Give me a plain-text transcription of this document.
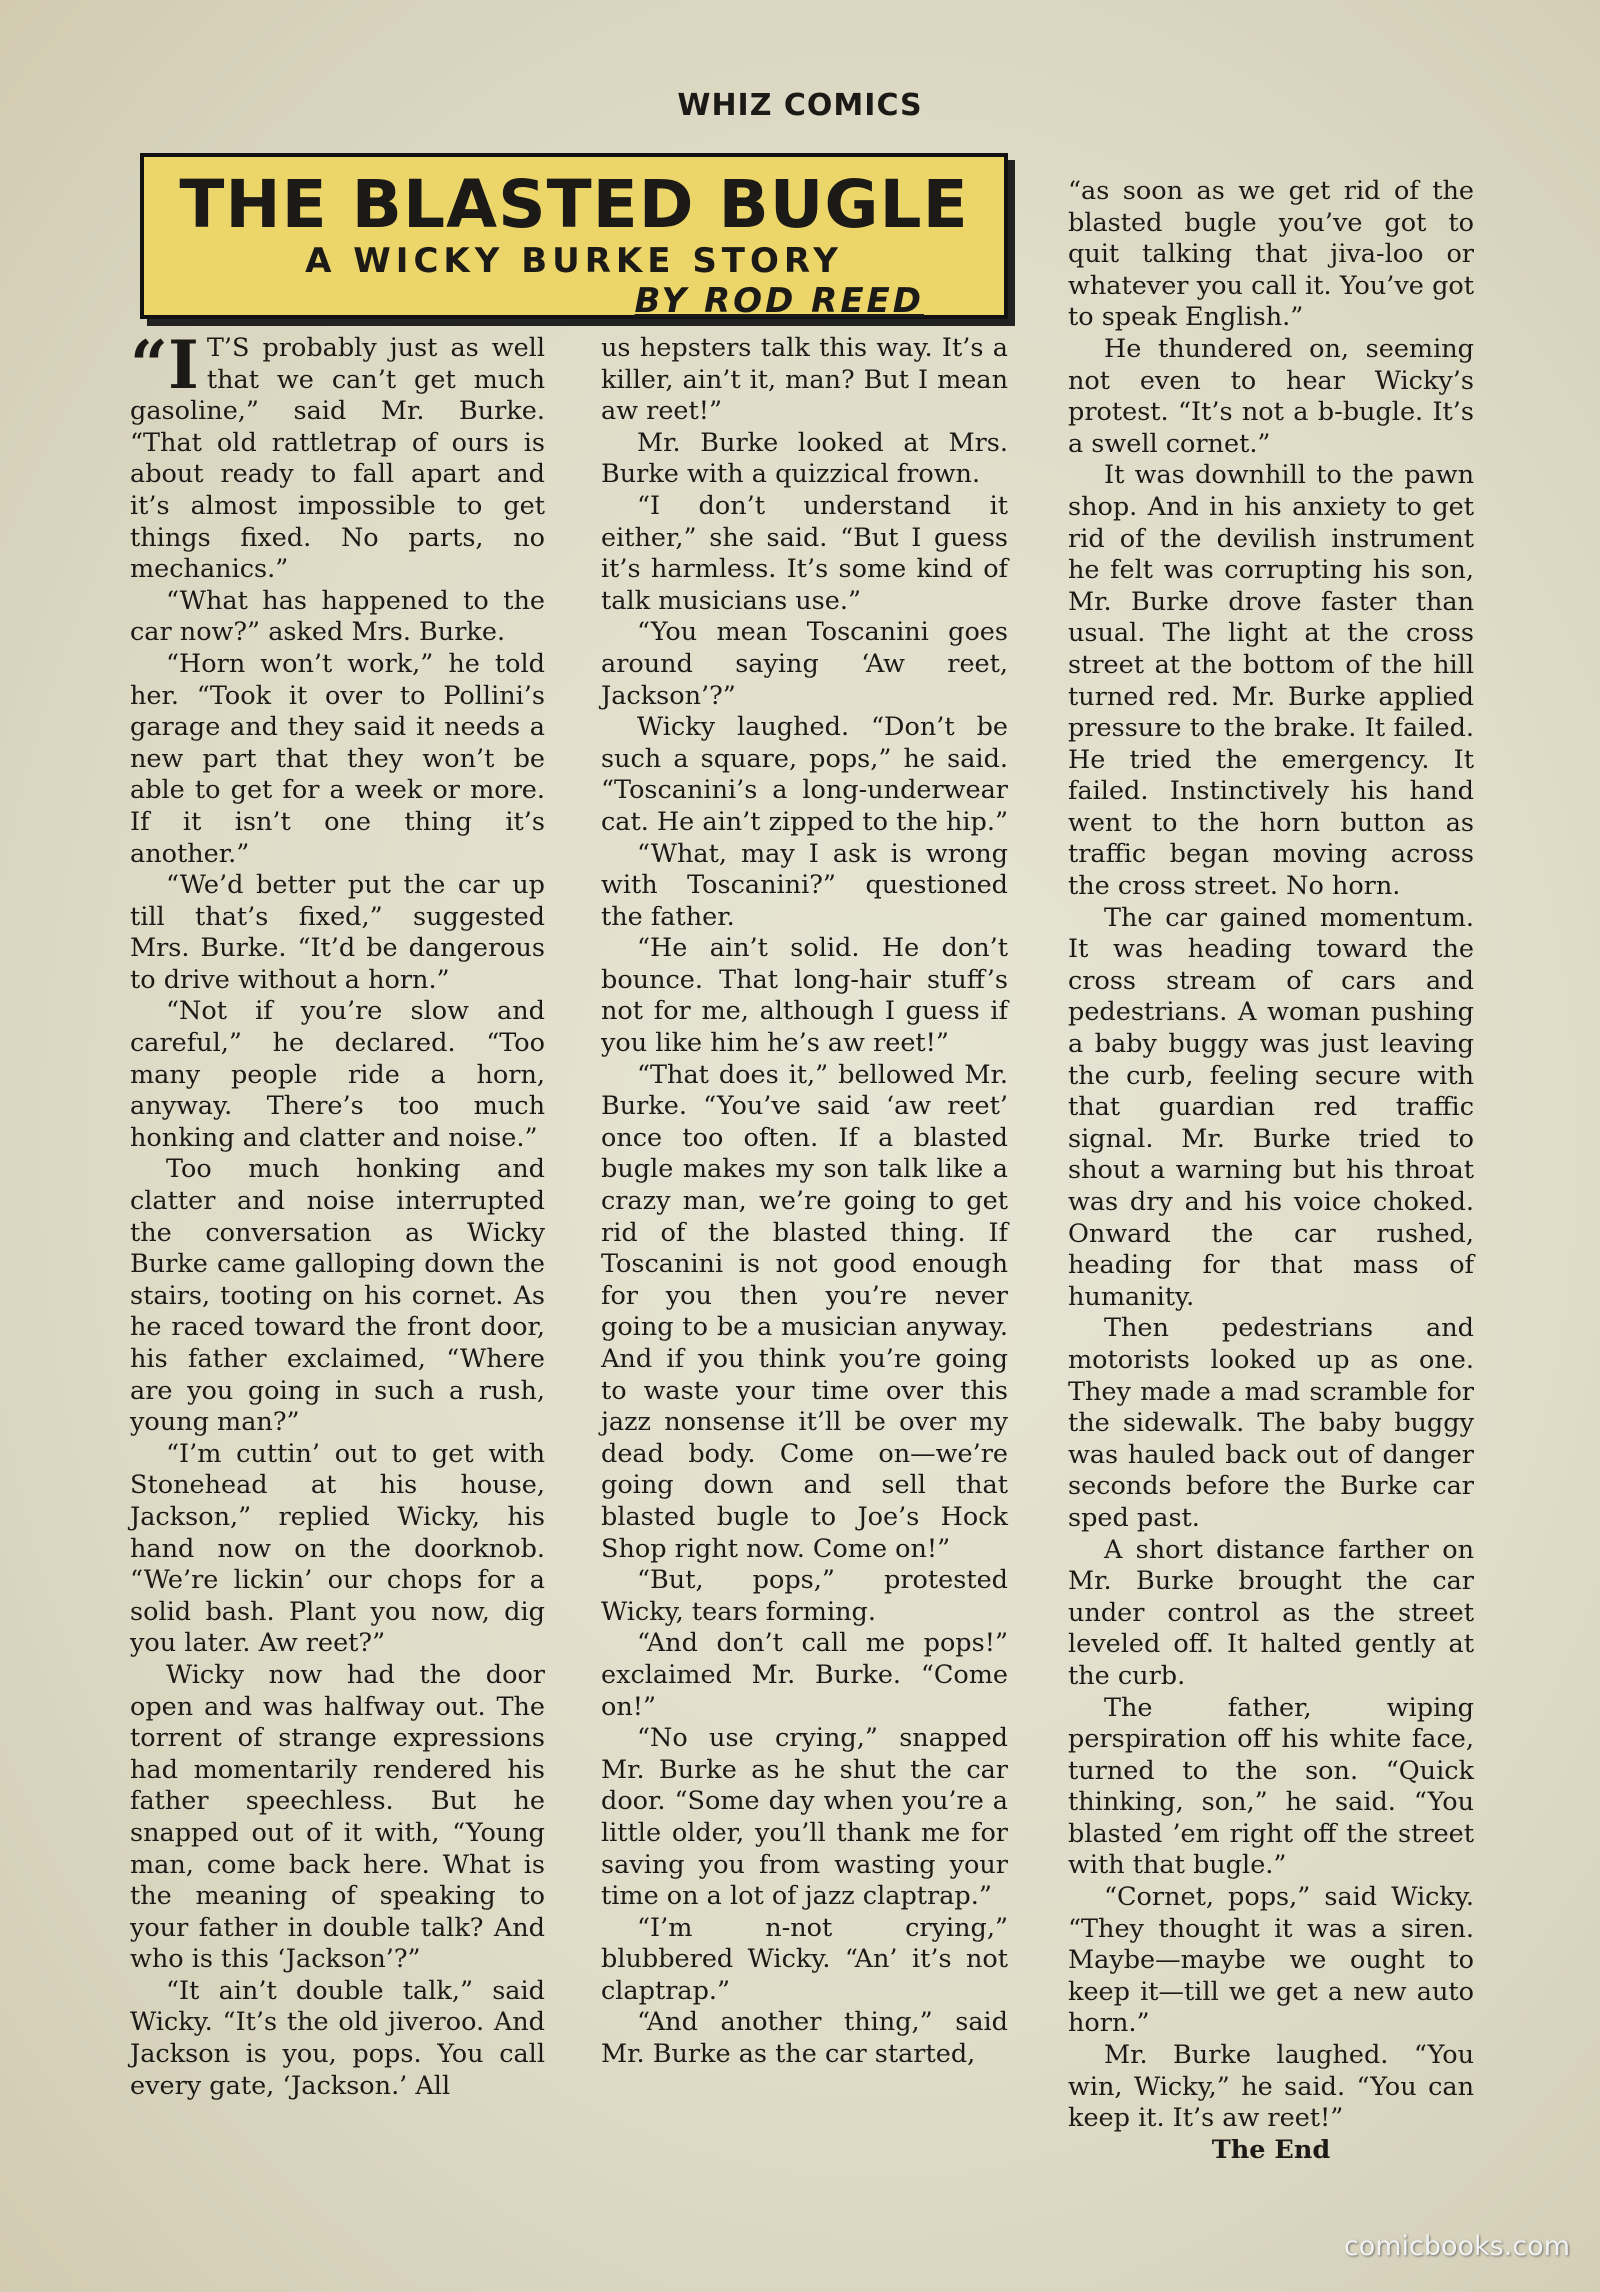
WHIZ COMICS
THE BLASTED BUGLE
A WICKY BURKE STORY
BY ROD REED

“I T’S probably just as well that we can’t get much gasoline,” said Mr. Burke. “That old rattletrap of ours is about ready to fall apart and it’s almost impossible to get things fixed. No parts, no mechanics.”

“What has happened to the car now?” asked Mrs. Burke.

“Horn won’t work,” he told her. “Took it over to Pollini’s garage and they said it needs a new part that they won’t be able to get for a week or more. If it isn’t one thing it’s another.”

“We’d better put the car up till that’s fixed,” suggested Mrs. Burke. “It’d be dangerous to drive without a horn.”

“Not if you’re slow and careful,” he declared. “Too many people ride a horn, anyway. There’s too much honking and clatter and noise.”

Too much honking and clatter and noise interrupted the conversation as Wicky Burke came galloping down the stairs, tooting on his cornet. As he raced toward the front door, his father exclaimed, “Where are you going in such a rush, young man?”

“I’m cuttin’ out to get with Stonehead at his house, Jackson,” replied Wicky, his hand now on the doorknob. “We’re lickin’ our chops for a solid bash. Plant you now, dig you later. Aw reet?”

Wicky now had the door open and was halfway out. The torrent of strange expressions had momentarily rendered his father speechless. But he snapped out of it with, “Young man, come back here. What is the meaning of speaking to your father in double talk? And who is this ‘Jackson’?”

“It ain’t double talk,” said Wicky. “It’s the old jiveroo. And Jackson is you, pops. You call every gate, ‘Jackson.’ All

us hepsters talk this way. It’s a killer, ain’t it, man? But I mean aw reet!”

Mr. Burke looked at Mrs. Burke with a quizzical frown.

“I don’t understand it either,” she said. “But I guess it’s harmless. It’s some kind of talk musicians use.”

“You mean Toscanini goes around saying ‘Aw reet, Jackson’?”

Wicky laughed. “Don’t be such a square, pops,” he said. “Toscanini’s a long-underwear cat. He ain’t zipped to the hip.”

“What, may I ask is wrong with Toscanini?” questioned the father.

“He ain’t solid. He don’t bounce. That long-hair stuff’s not for me, although I guess if you like him he’s aw reet!”

“That does it,” bellowed Mr. Burke. “You’ve said ‘aw reet’ once too often. If a blasted bugle makes my son talk like a crazy man, we’re going to get rid of the blasted thing. If Toscanini is not good enough for you then you’re never going to be a musician anyway. And if you think you’re going to waste your time over this jazz nonsense it’ll be over my dead body. Come on—we’re going down and sell that blasted bugle to Joe’s Hock Shop right now. Come on!”

“But, pops,” protested Wicky, tears forming.

“And don’t call me pops!” exclaimed Mr. Burke. “Come on!”

“No use crying,” snapped Mr. Burke as he shut the car door. “Some day when you’re a little older, you’ll thank me for saving you from wasting your time on a lot of jazz claptrap.”

“I’m n-not crying,” blubbered Wicky. “An’ it’s not claptrap.”

“And another thing,” said Mr. Burke as the car started,

“as soon as we get rid of the blasted bugle you’ve got to quit talking that jiva-loo or whatever you call it. You’ve got to speak English.”

He thundered on, seeming not even to hear Wicky’s protest. “It’s not a b-bugle. It’s a swell cornet.”

It was downhill to the pawn shop. And in his anxiety to get rid of the devilish instrument he felt was corrupting his son, Mr. Burke drove faster than usual. The light at the cross street at the bottom of the hill turned red. Mr. Burke applied pressure to the brake. It failed. He tried the emergency. It failed. Instinctively his hand went to the horn button as traffic began moving across the cross street. No horn.

The car gained momentum. It was heading toward the cross stream of cars and pedestrians. A woman pushing a baby buggy was just leaving the curb, feeling secure with that guardian red traffic signal. Mr. Burke tried to shout a warning but his throat was dry and his voice choked. Onward the car rushed, heading for that mass of humanity.

Then pedestrians and motorists looked up as one. They made a mad scramble for the sidewalk. The baby buggy was hauled back out of danger seconds before the Burke car sped past.

A short distance farther on Mr. Burke brought the car under control as the street leveled off. It halted gently at the curb.

The father, wiping perspiration off his white face, turned to the son. “Quick thinking, son,” he said. “You blasted ’em right off the street with that bugle.”

“Cornet, pops,” said Wicky. “They thought it was a siren. Maybe—maybe we ought to keep it—till we get a new auto horn.”

Mr. Burke laughed. “You win, Wicky,” he said. “You can keep it. It’s aw reet!”

The End

comicbooks.com
